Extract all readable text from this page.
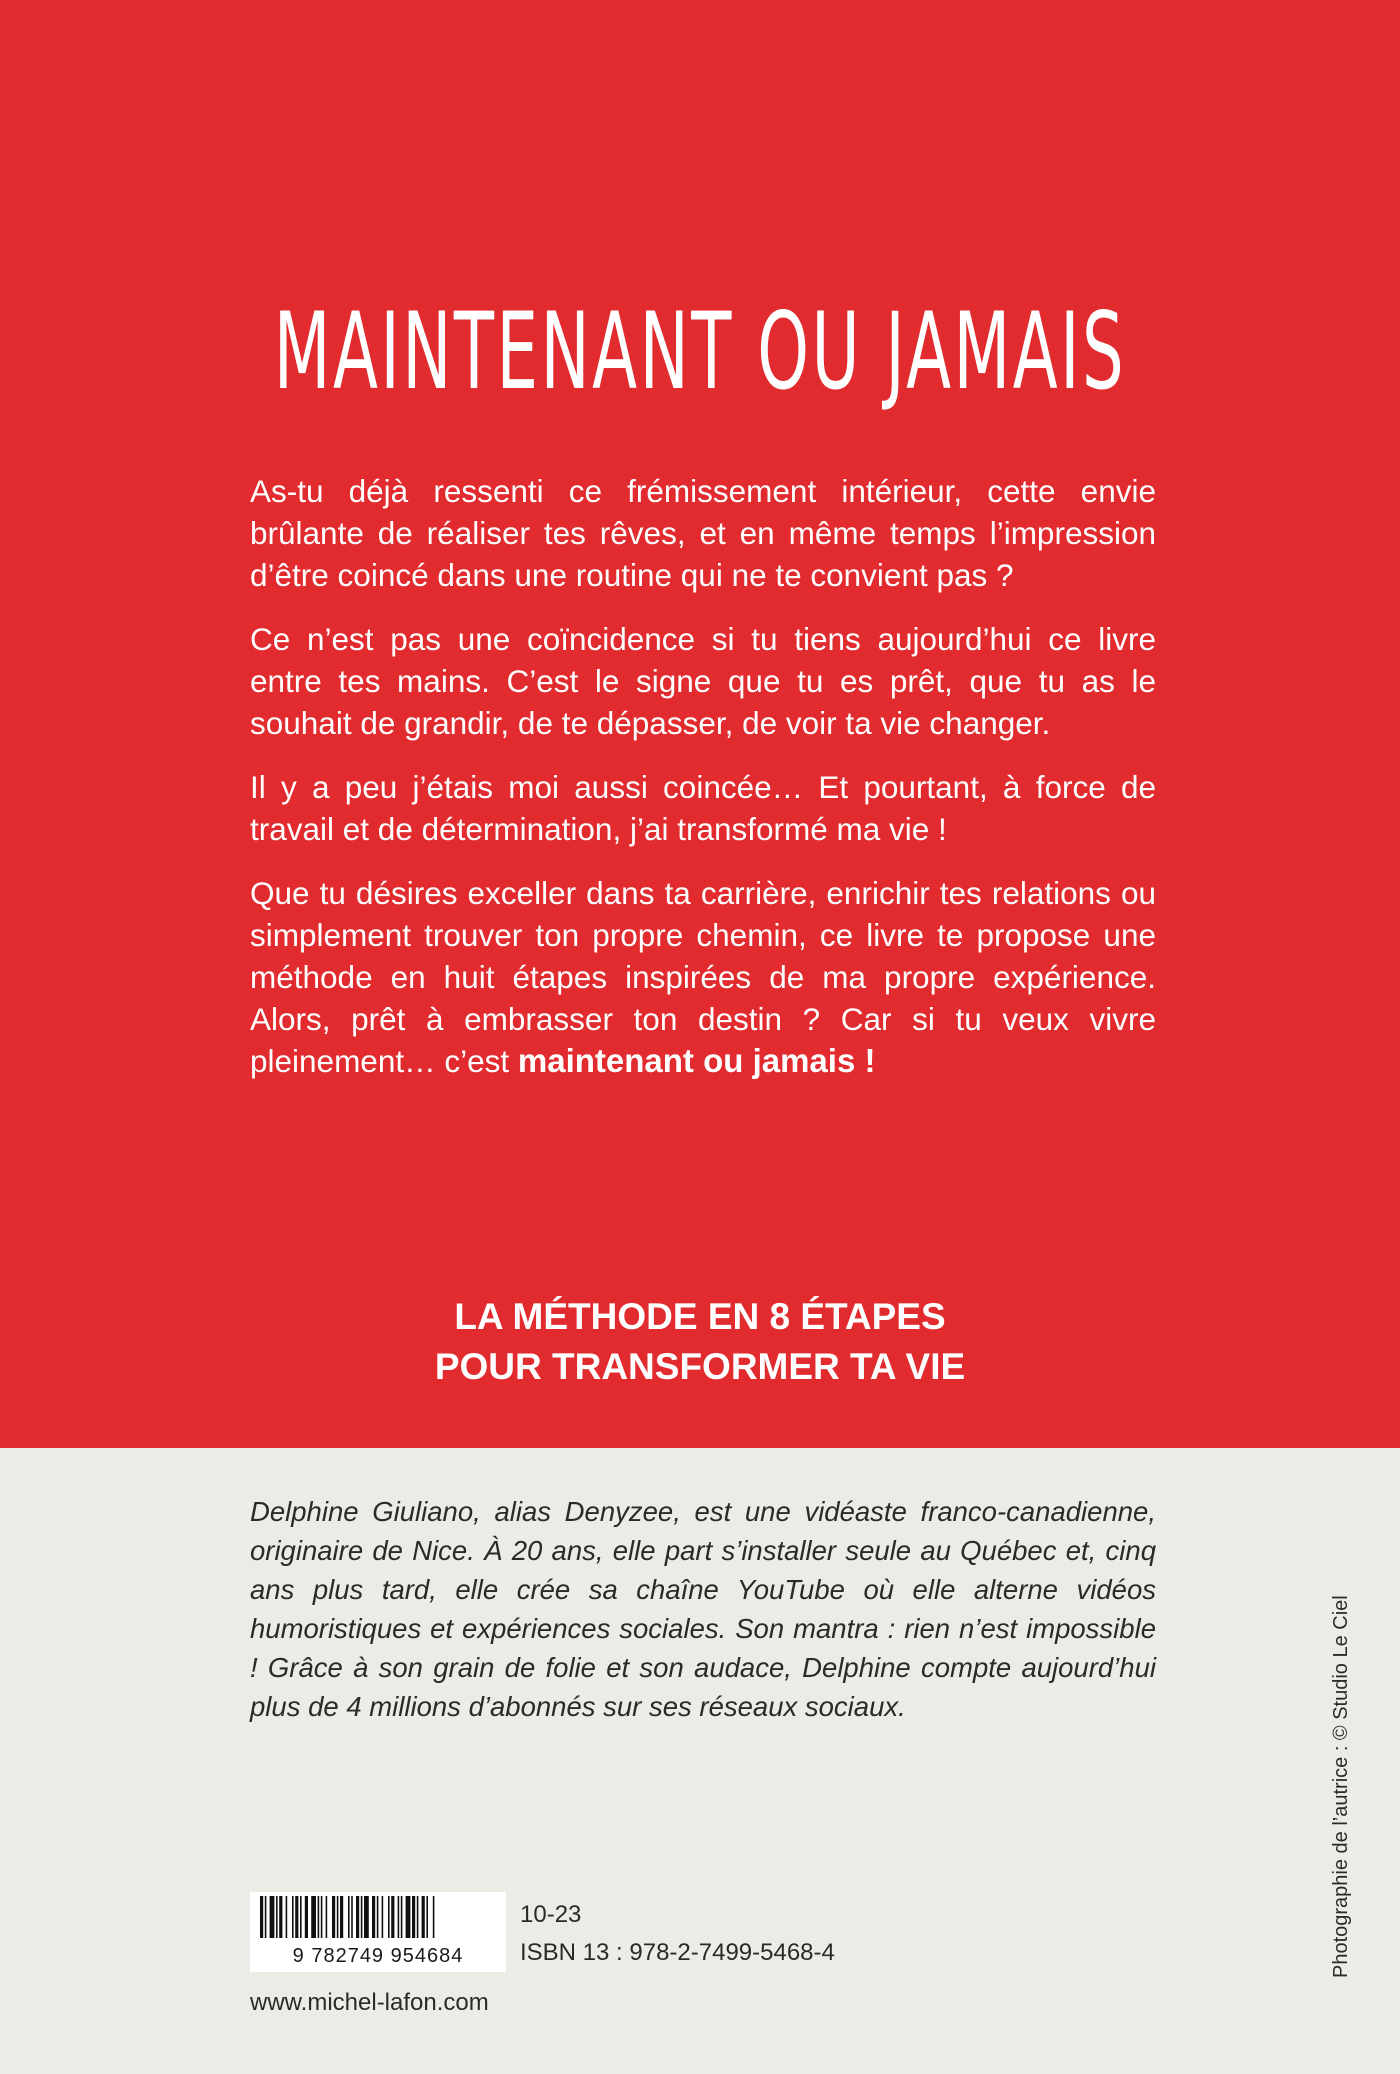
MAINTENANT OU JAMAIS

As-tu déjà ressenti ce frémissement intérieur, cette envie brûlante de réaliser tes rêves, et en même temps l’impression d’être coincé dans une routine qui ne te convient pas ?

Ce n’est pas une coïncidence si tu tiens aujourd’hui ce livre entre tes mains. C’est le signe que tu es prêt, que tu as le souhait de grandir, de te dépasser, de voir ta vie changer.

Il y a peu j’étais moi aussi coincée… Et pourtant, à force de travail et de détermination, j’ai transformé ma vie !

Que tu désires exceller dans ta carrière, enrichir tes relations ou simplement trouver ton propre chemin, ce livre te propose une méthode en huit étapes inspirées de ma propre expérience. Alors, prêt à embrasser ton destin ? Car si tu veux vivre pleinement… c’est maintenant ou jamais !

LA MÉTHODE EN 8 ÉTAPES
POUR TRANSFORMER TA VIE
Delphine Giuliano, alias Denyzee, est une vidéaste franco-canadienne, originaire de Nice. À 20 ans, elle part s’installer seule au Québec et, cinq ans plus tard, elle crée sa chaîne YouTube où elle alterne vidéos humoristiques et expériences sociales. Son mantra : rien n’est impossible ! Grâce à son grain de folie et son audace, Delphine compte aujourd’hui plus de 4 millions d’abonnés sur ses réseaux sociaux.	Photographie de l’autrice : © Studio Le Ciel
9 782749 954684
10-23
ISBN 13 : 978-2-7499-5468-4
www.michel-lafon.com
